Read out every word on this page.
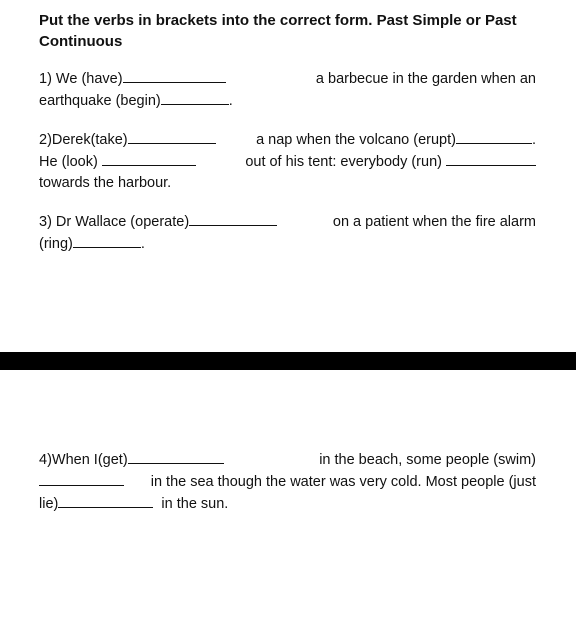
Put the verbs in brackets into the correct form. Past Simple or Past Continuous

1) We (have)	a barbecue in the garden when an
earthquake (begin)	.
2)Derek(take)	a nap when the volcano (erupt)	.
He (look)	out of his tent: everybody (run)
towards the harbour.
3) Dr Wallace (operate)	on a patient when the fire alarm
(ring)	.
4)When I(get)	in the beach, some people (swim)
in the sea though the water was very cold. Most people (just
lie)
	in the sun.
